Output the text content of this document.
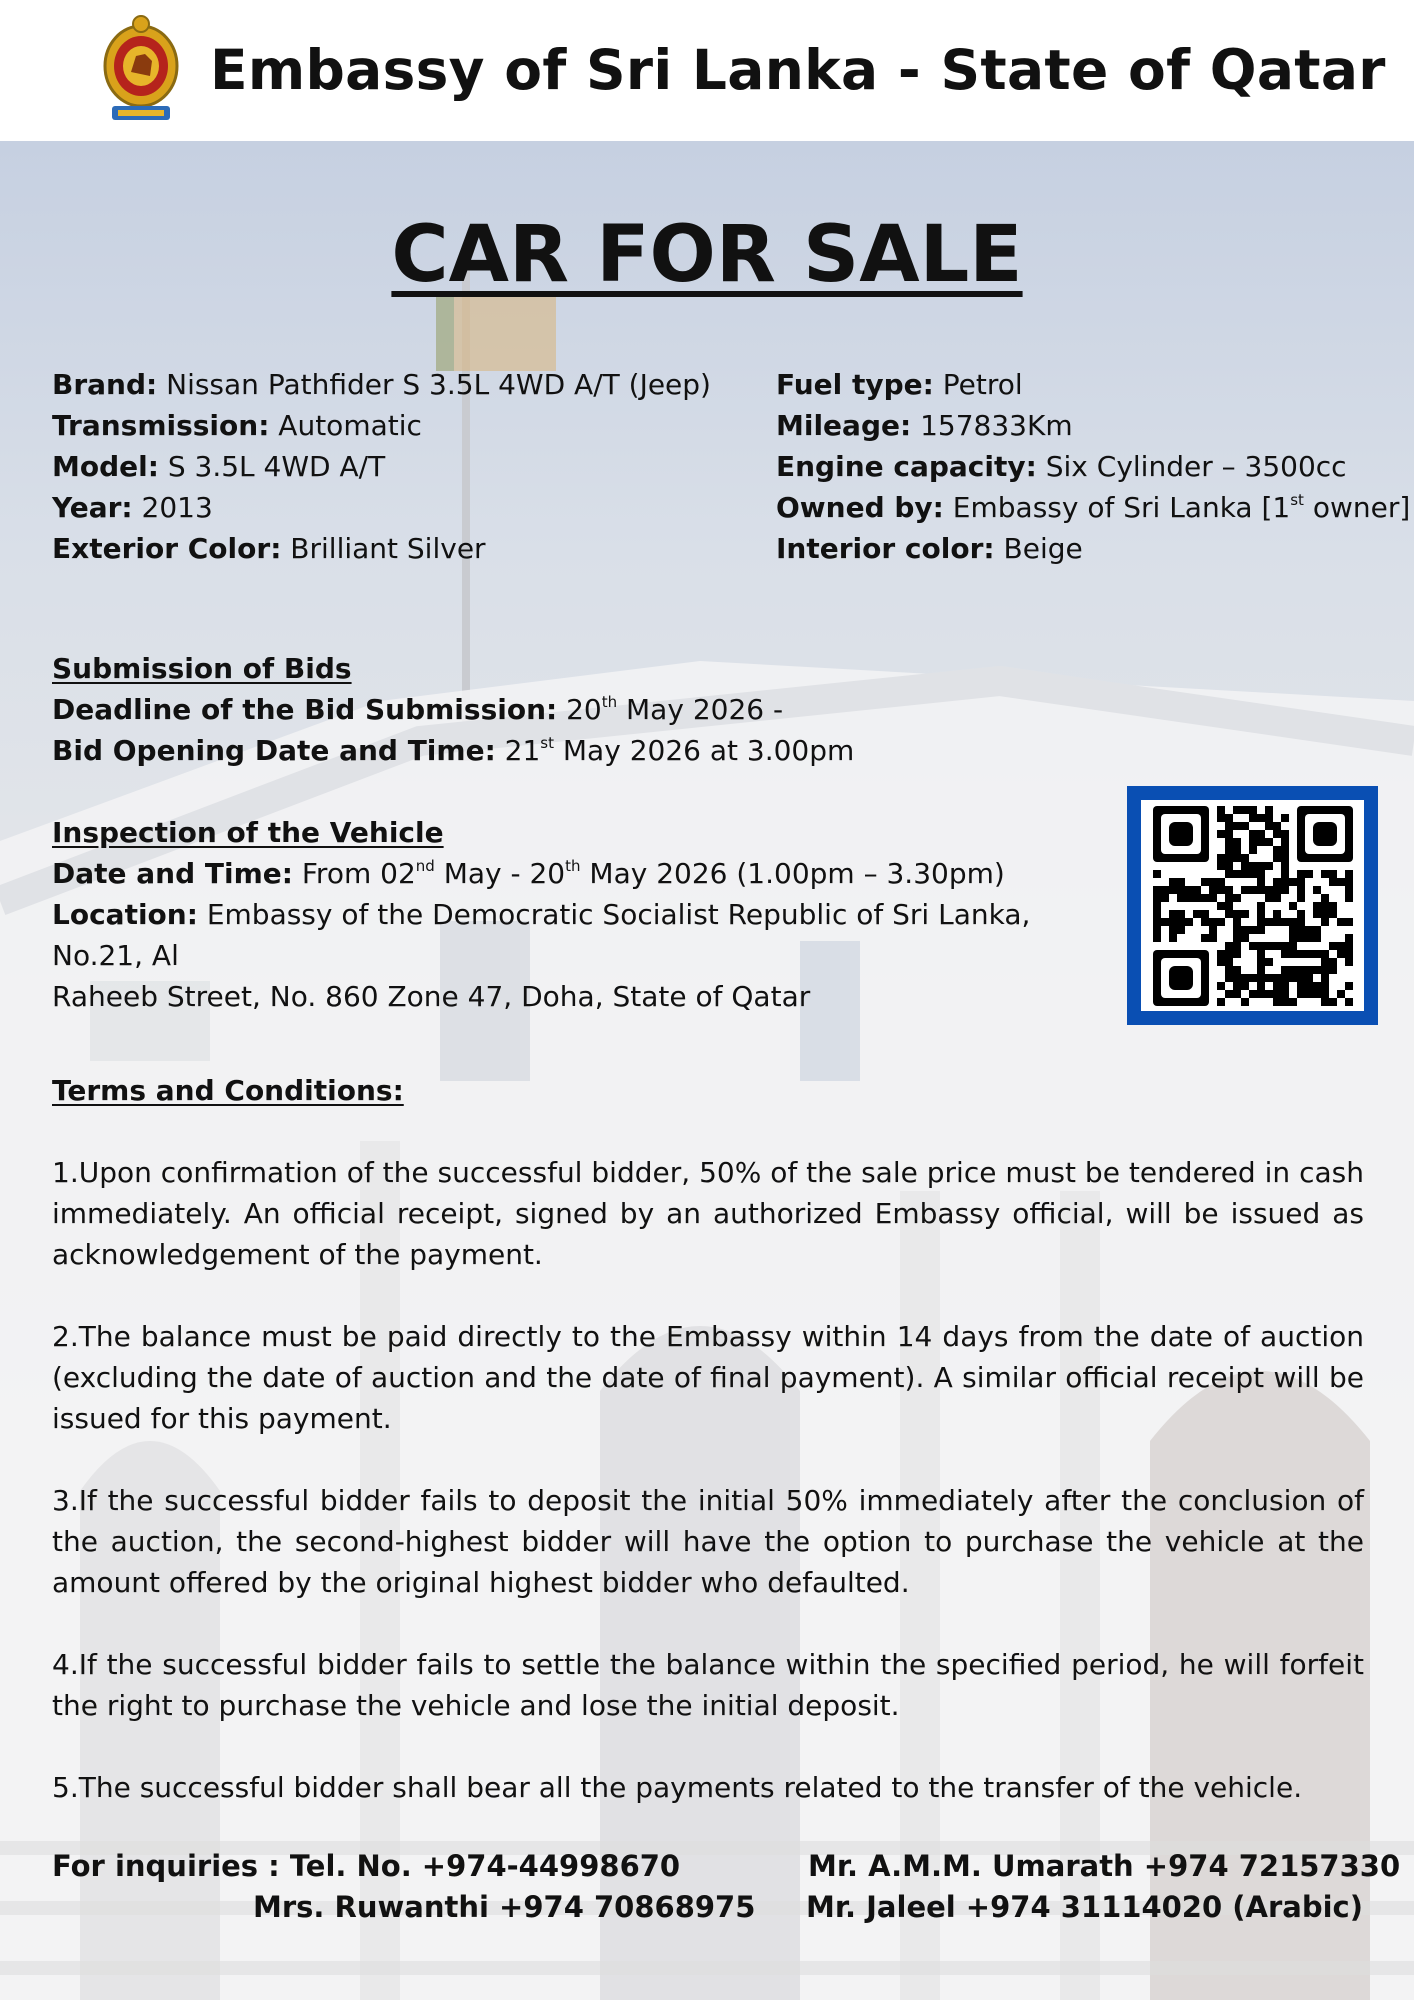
Embassy of Sri Lanka - State of Qatar
CAR FOR SALE
Brand: Nissan Pathfider S 3.5L 4WD A/T (Jeep)
Transmission: Automatic
Model: S 3.5L 4WD A/T
Year: 2013
Exterior Color: Brilliant Silver
Fuel type: Petrol
Mileage: 157833Km
Engine capacity: Six Cylinder – 3500cc
Owned by: Embassy of Sri Lanka [1st owner]
Interior color: Beige
Submission of Bids
Deadline of the Bid Submission: 20th May 2026 -
Bid Opening Date and Time: 21st May 2026 at 3.00pm
Inspection of the Vehicle
Date and Time: From 02nd May - 20th May 2026 (1.00pm – 3.30pm)
Location: Embassy of the Democratic Socialist Republic of Sri Lanka, No.21, Al
Raheeb Street, No. 860 Zone 47, Doha, State of Qatar
Terms and Conditions:

1.Upon confirmation of the successful bidder, 50% of the sale price must be tendered in cash immediately. An official receipt, signed by an authorized Embassy official, will be issued as acknowledgement of the payment.

2.The balance must be paid directly to the Embassy within 14 days from the date of auction (excluding the date of auction and the date of final payment). A similar official receipt will be issued for this payment.

3.If the successful bidder fails to deposit the initial 50% immediately after the conclusion of the auction, the second-highest bidder will have the option to purchase the vehicle at the amount offered by the original highest bidder who defaulted.

4.If the successful bidder fails to settle the balance within the specified period, he will forfeit the right to purchase the vehicle and lose the initial deposit.

5.The successful bidder shall bear all the payments related to the transfer of the vehicle.

For inquiries : Tel. No. +974-44998670	Mr. A.M.M. Umarath +974 72157330
Mrs. Ruwanthi +974 70868975 Mr. Jaleel +974 31114020 (Arabic)
